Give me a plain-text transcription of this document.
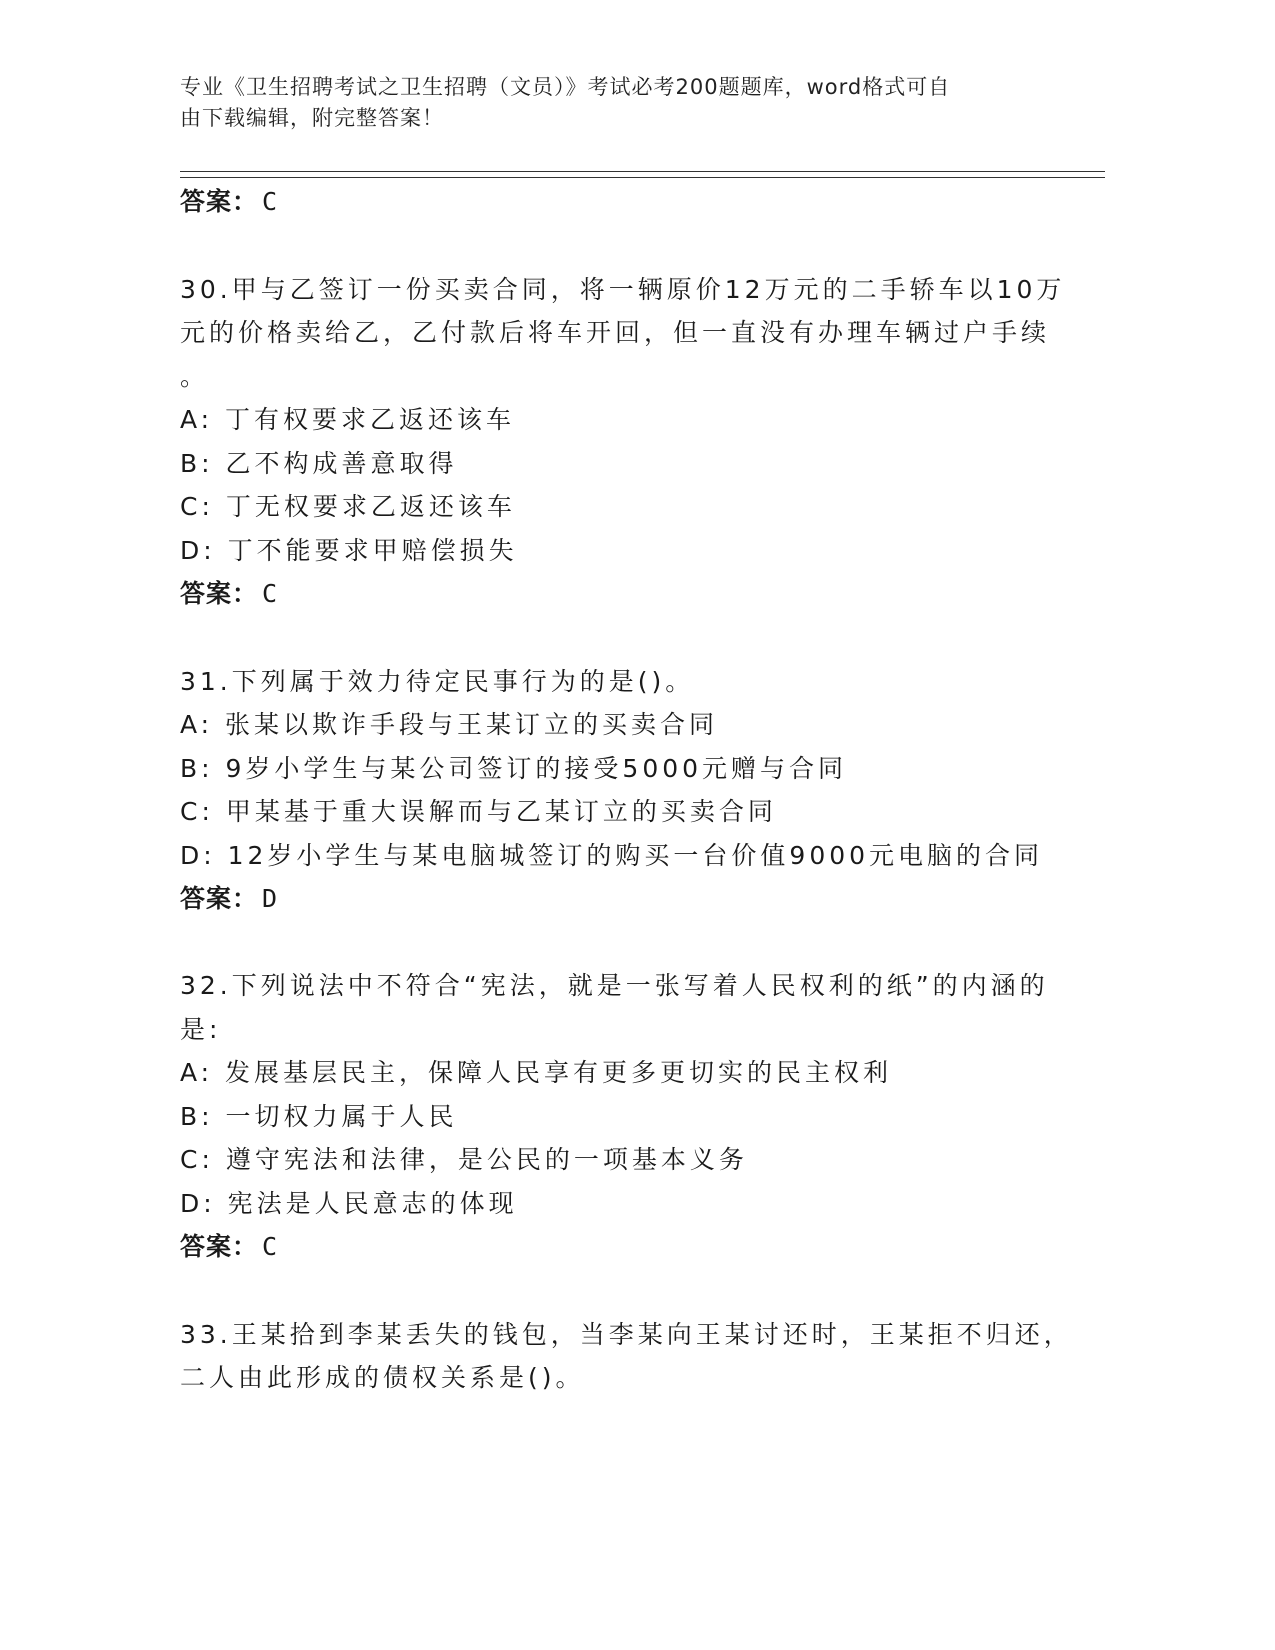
专业《卫生招聘考试之卫生招聘（文员）》考试必考200题题库，word格式可自
由下载编辑，附完整答案！
答案： C
30.甲与乙签订一份买卖合同，将一辆原价12万元的二手轿车以10万
元的价格卖给乙，乙付款后将车开回，但一直没有办理车辆过户手续
。
A: 丁有权要求乙返还该车
B: 乙不构成善意取得
C: 丁无权要求乙返还该车
D: 丁不能要求甲赔偿损失
答案： C
31.下列属于效力待定民事行为的是()。
A: 张某以欺诈手段与王某订立的买卖合同
B: 9岁小学生与某公司签订的接受5000元赠与合同
C: 甲某基于重大误解而与乙某订立的买卖合同
D: 12岁小学生与某电脑城签订的购买一台价值9000元电脑的合同
答案： D
32.下列说法中不符合“宪法，就是一张写着人民权利的纸”的内涵的
是:
A: 发展基层民主，保障人民享有更多更切实的民主权利
B: 一切权力属于人民
C: 遵守宪法和法律，是公民的一项基本义务
D: 宪法是人民意志的体现
答案： C
33.王某拾到李某丢失的钱包，当李某向王某讨还时，王某拒不归还，
二人由此形成的债权关系是()。
